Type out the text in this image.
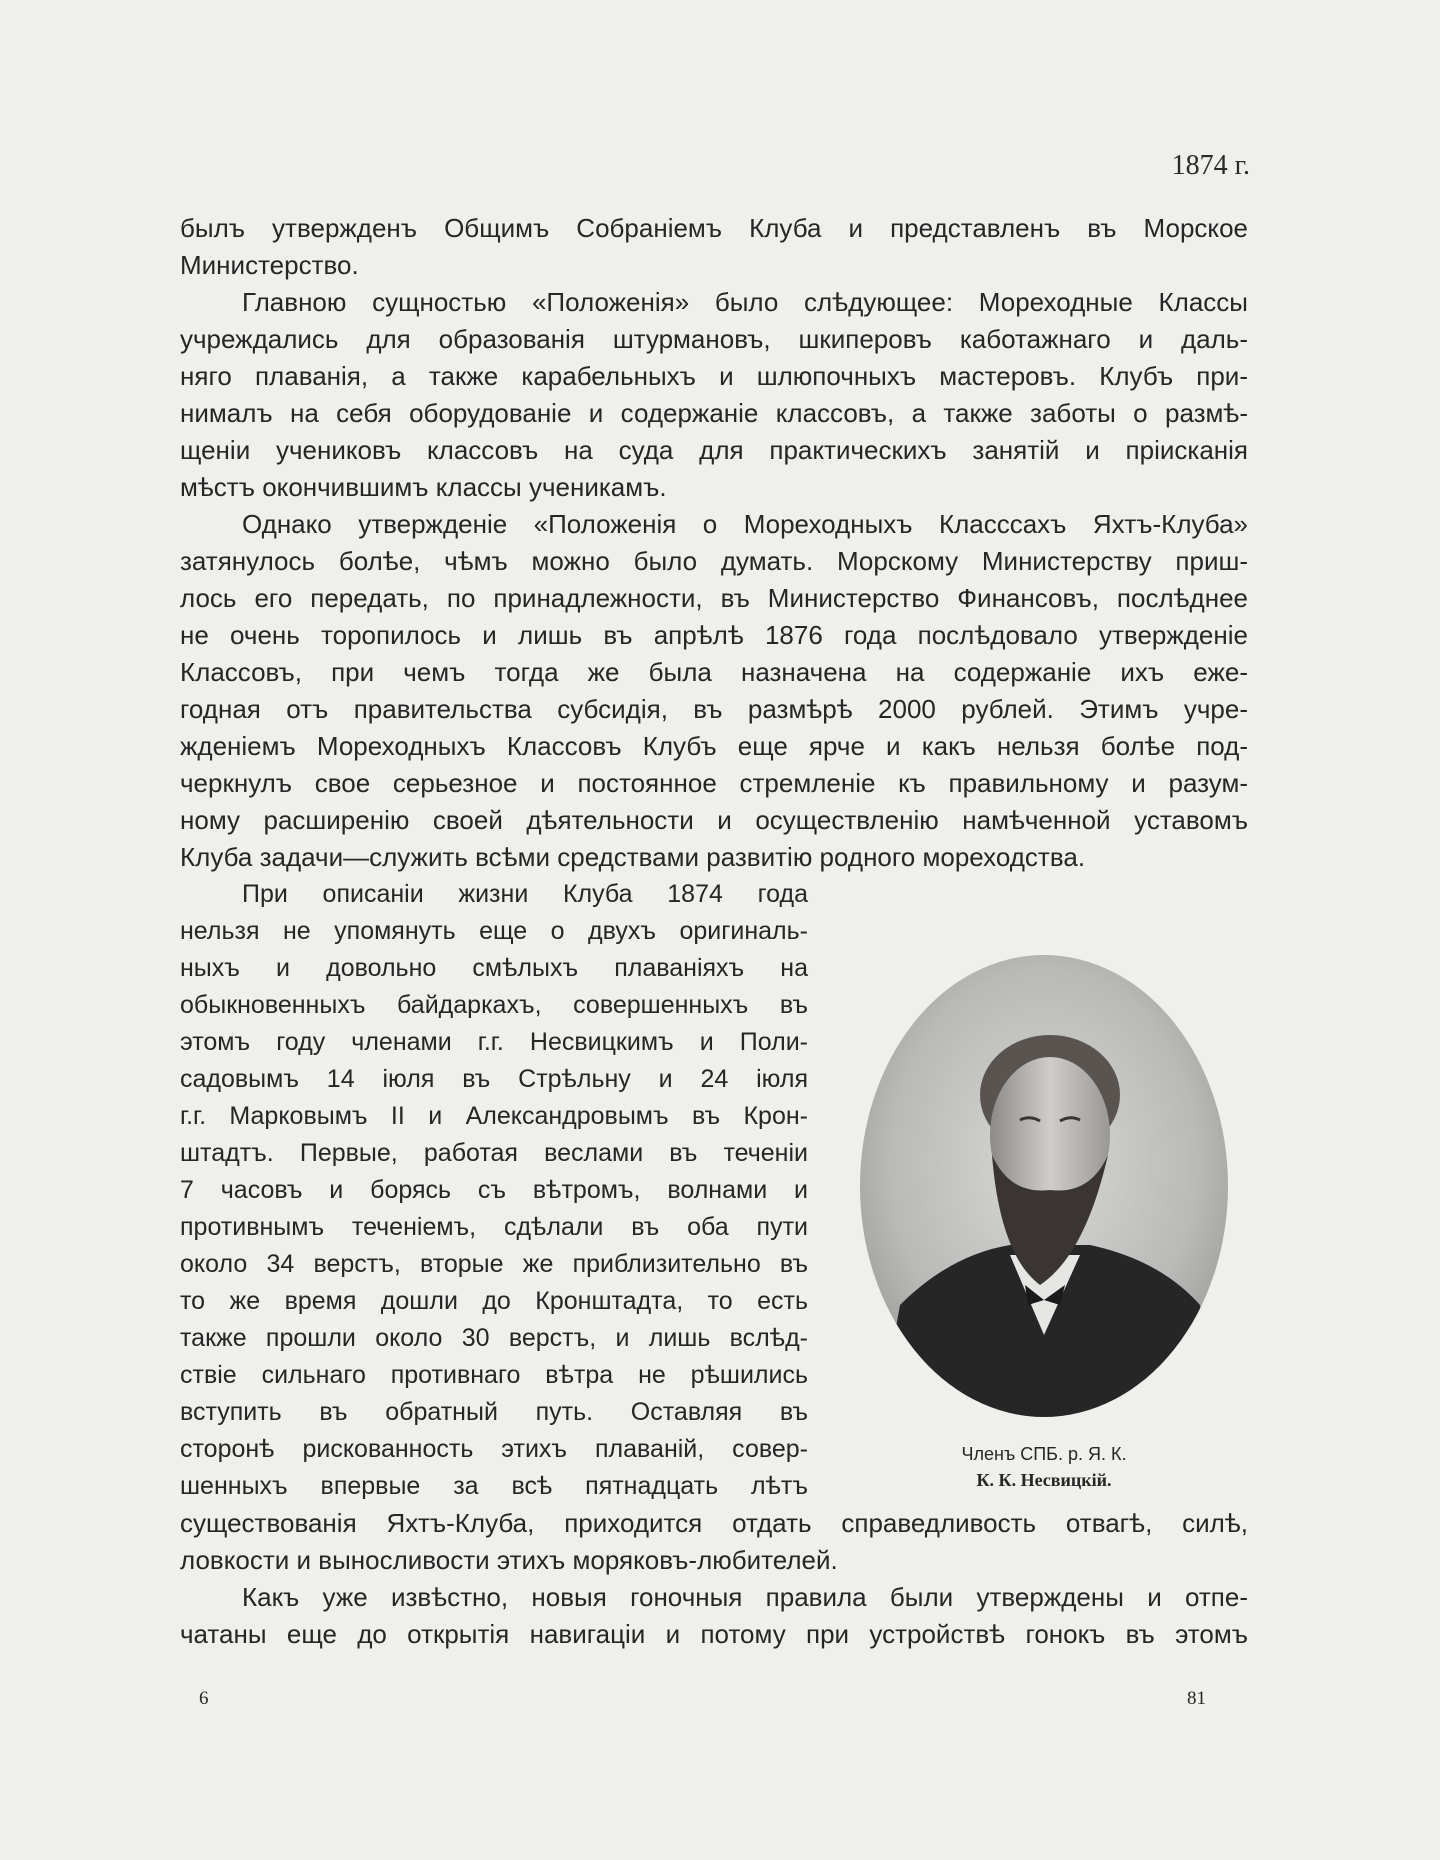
1874 г.
былъ утвержденъ Общимъ Собраніемъ Клуба и представленъ въ Морское
Министерство.
Главною сущностью «Положенія» было слѣдующее: Мореходные Классы
учреждались для образованія штурмановъ, шкиперовъ каботажнаго и даль-
няго плаванія, а также карабельныхъ и шлюпочныхъ мастеровъ. Клубъ при-
нималъ на себя оборудованіе и содержаніе классовъ, а также заботы о размѣ-
щеніи учениковъ классовъ на суда для практическихъ занятій и пріисканія
мѣстъ окончившимъ классы ученикамъ.
Однако утвержденіе «Положенія о Мореходныхъ Класссахъ Яхтъ-Клуба»
затянулось болѣе, чѣмъ можно было думать. Морскому Министерству приш-
лось его передать, по принадлежности, въ Министерство Финансовъ, послѣднее
не очень торопилось и лишь въ апрѣлѣ 1876 года послѣдовало утвержденіе
Классовъ, при чемъ тогда же была назначена на содержаніе ихъ еже-
годная отъ правительства субсидія, въ размѣрѣ 2000 рублей. Этимъ учре-
жденіемъ Мореходныхъ Классовъ Клубъ еще ярче и какъ нельзя болѣе под-
черкнулъ свое серьезное и постоянное стремленіе къ правильному и разум-
ному расширенію своей дѣятельности и осуществленію намѣченной уставомъ
Клуба задачи—служить всѣми средствами развитію родного мореходства.
При описаніи жизни Клуба 1874 года
нельзя не упомянуть еще о двухъ оригиналь-
ныхъ и довольно смѣлыхъ плаваніяхъ на
обыкновенныхъ байдаркахъ, совершенныхъ въ
этомъ году членами г.г. Несвицкимъ и Поли-
садовымъ 14 іюля въ Стрѣльну и 24 іюля
г.г. Марковымъ II и Александровымъ въ Крон-
штадтъ. Первые, работая веслами въ теченіи
7 часовъ и борясь съ вѣтромъ, волнами и
противнымъ теченіемъ, сдѣлали въ оба пути
около 34 верстъ, вторые же приблизительно въ
то же время дошли до Кронштадта, то есть
также прошли около 30 верстъ, и лишь вслѣд-
ствіе сильнаго противнаго вѣтра не рѣшились
вступить въ обратный путь. Оставляя въ
сторонѣ рискованность этихъ плаваній, совер-
шенныхъ впервые за всѣ пятнадцать лѣтъ
существованія Яхтъ-Клуба, приходится отдать справедливость отвагѣ, силѣ,
ловкости и выносливости этихъ моряковъ-любителей.
Какъ уже извѣстно, новыя гоночныя правила были утверждены и отпе-
чатаны еще до открытія навигаціи и потому при устройствѣ гонокъ въ этомъ
Членъ СПБ. р. Я. К.
К. К. Несвицкій.
6	81
